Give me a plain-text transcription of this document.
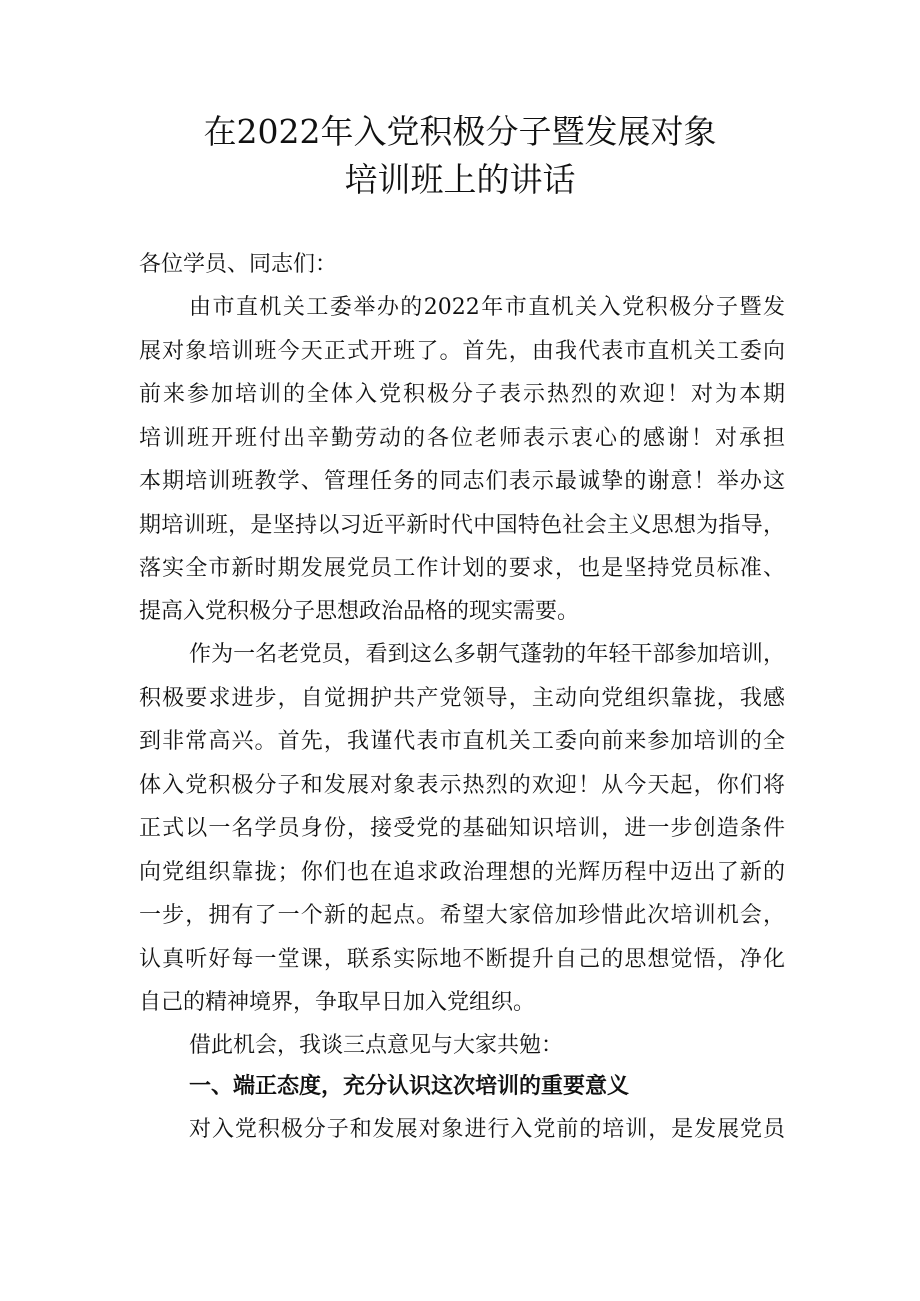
在2022年入党积极分子暨发展对象
培训班上的讲话
各位学员、同志们：
由市直机关工委举办的2022年市直机关入党积极分子暨发
展对象培训班今天正式开班了。首先，由我代表市直机关工委向
前来参加培训的全体入党积极分子表示热烈的欢迎！对为本期
培训班开班付出辛勤劳动的各位老师表示衷心的感谢！对承担
本期培训班教学、管理任务的同志们表示最诚挚的谢意！举办这
期培训班，是坚持以习近平新时代中国特色社会主义思想为指导，
落实全市新时期发展党员工作计划的要求，也是坚持党员标准、
提高入党积极分子思想政治品格的现实需要。
作为一名老党员，看到这么多朝气蓬勃的年轻干部参加培训，
积极要求进步，自觉拥护共产党领导，主动向党组织靠拢，我感
到非常高兴。首先，我谨代表市直机关工委向前来参加培训的全
体入党积极分子和发展对象表示热烈的欢迎！从今天起，你们将
正式以一名学员身份，接受党的基础知识培训，进一步创造条件
向党组织靠拢；你们也在追求政治理想的光辉历程中迈出了新的
一步，拥有了一个新的起点。希望大家倍加珍惜此次培训机会，
认真听好每一堂课，联系实际地不断提升自己的思想觉悟，净化
自己的精神境界，争取早日加入党组织。
借此机会，我谈三点意见与大家共勉：
一、端正态度，充分认识这次培训的重要意义
对入党积极分子和发展对象进行入党前的培训，是发展党员
